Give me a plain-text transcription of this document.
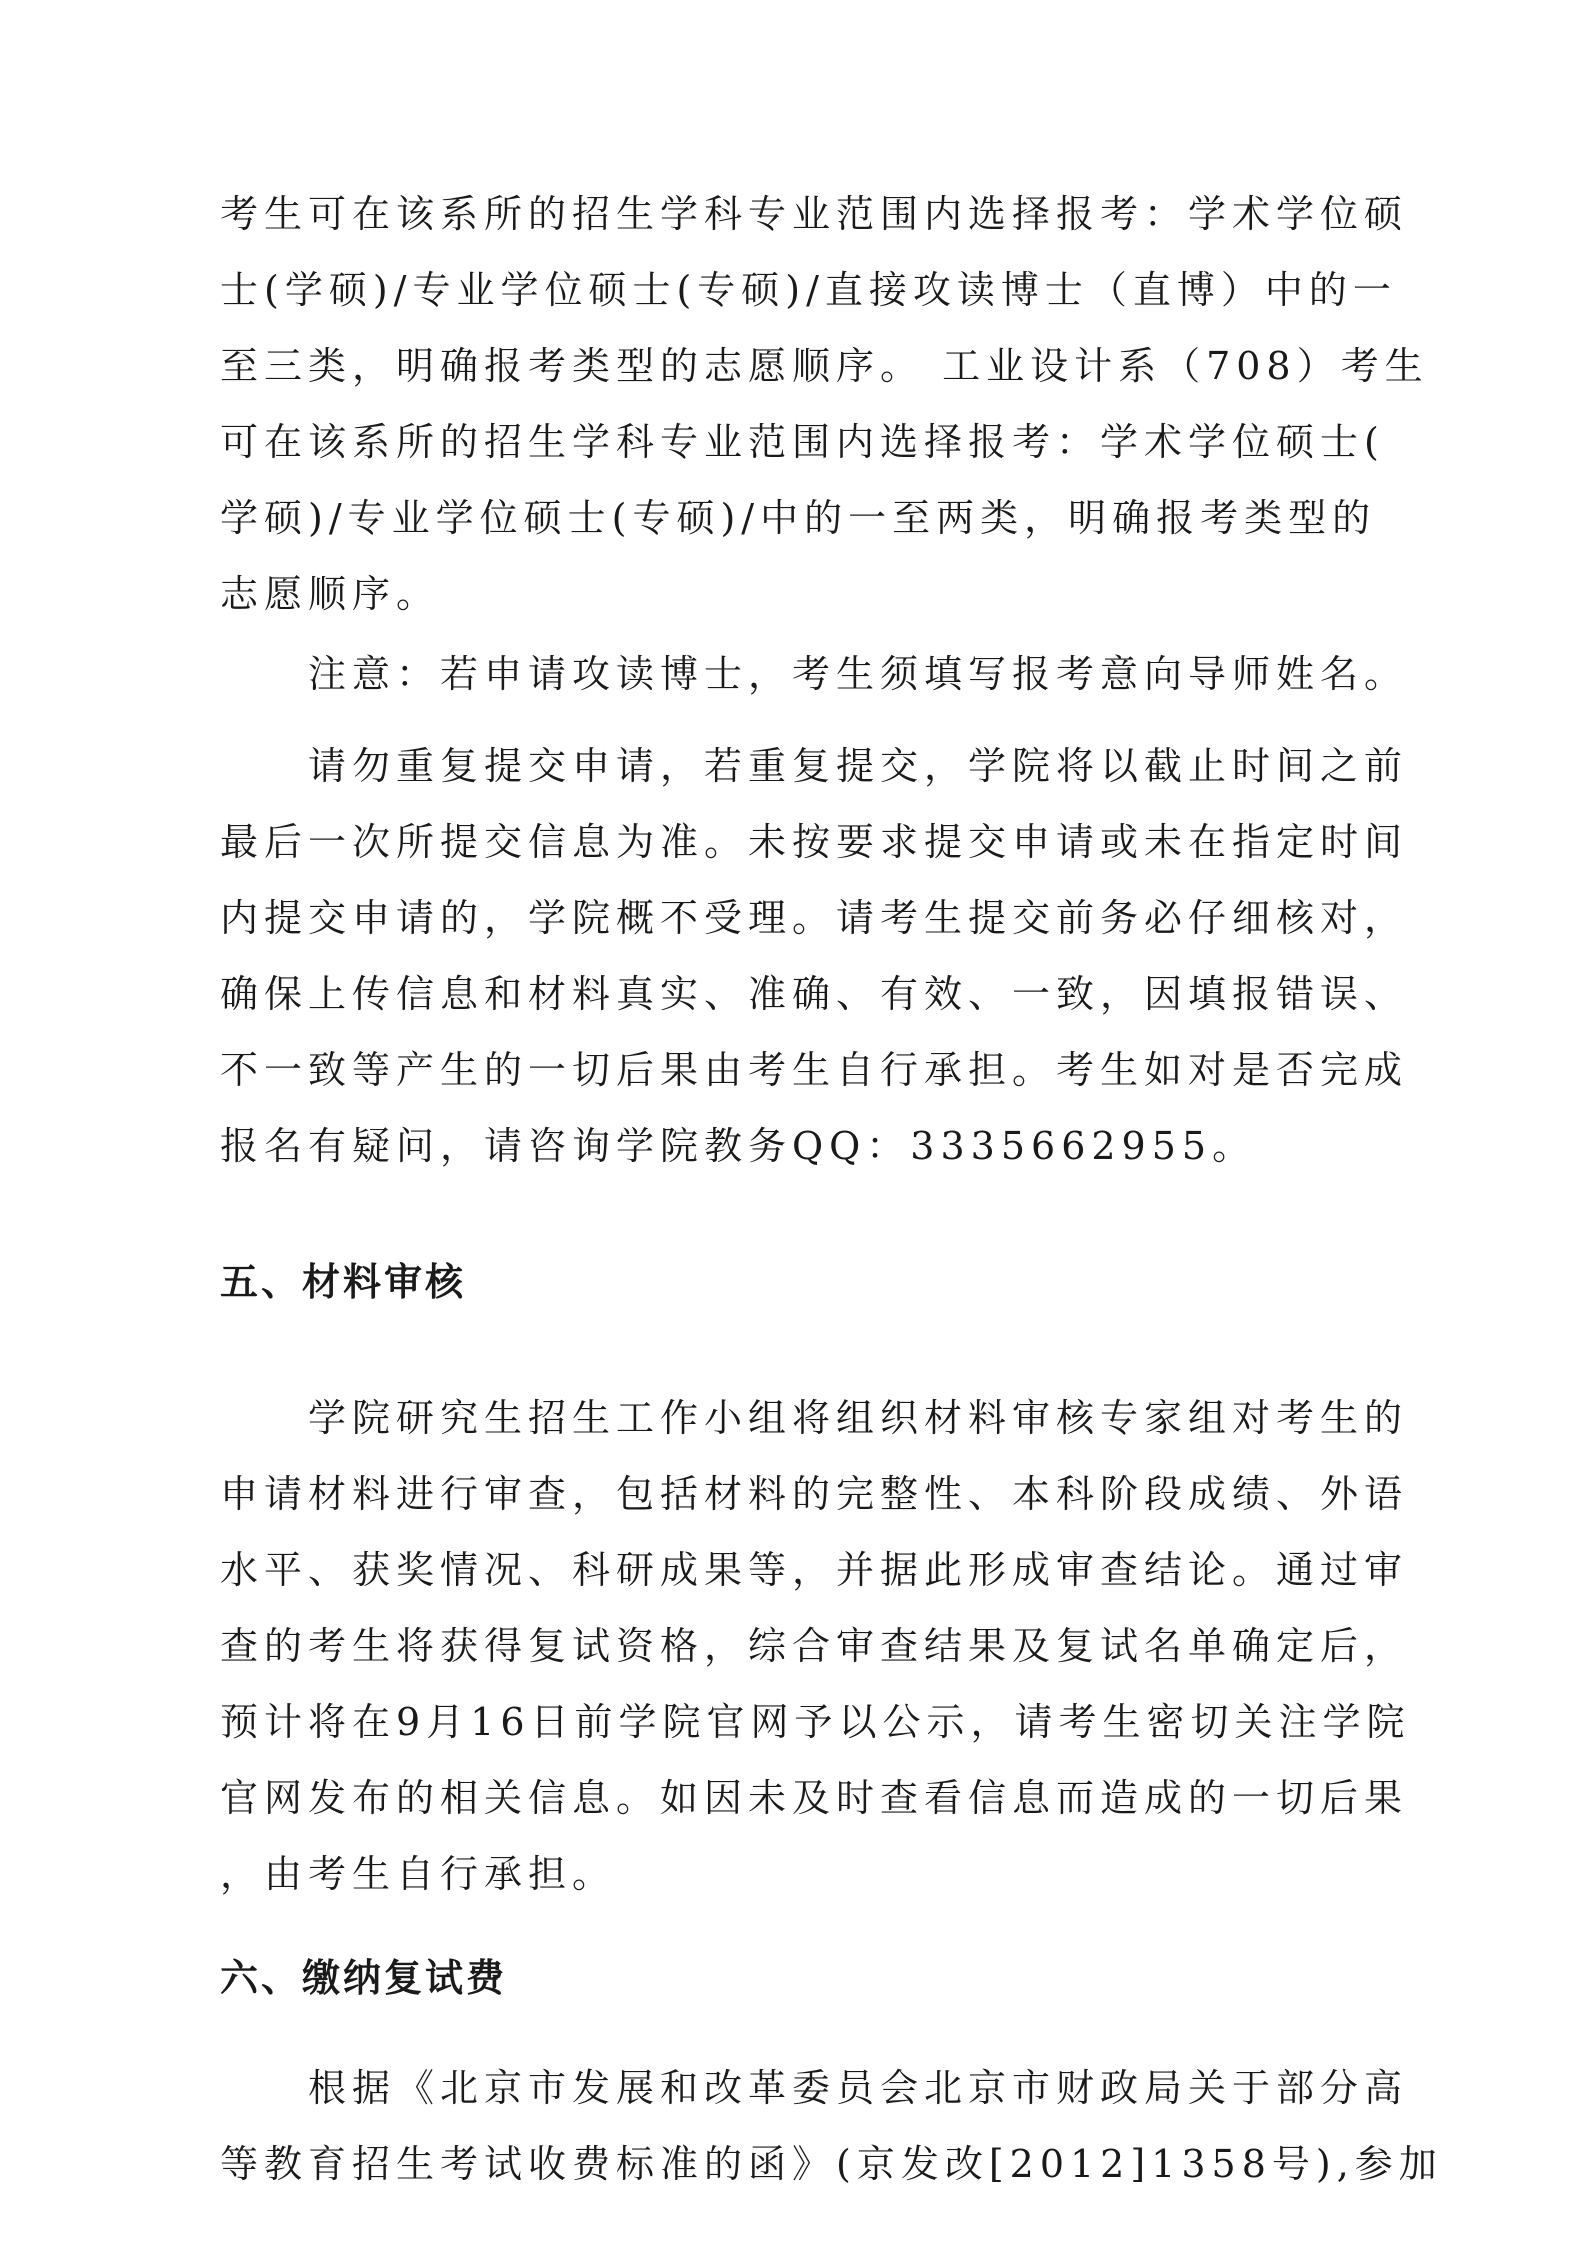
考生可在该系所的招生学科专业范围内选择报考：学术学位硕
士(学硕)/专业学位硕士(专硕)/直接攻读博士（直博）中的一
至三类，明确报考类型的志愿顺序。 工业设计系（708）考生
可在该系所的招生学科专业范围内选择报考：学术学位硕士(
学硕)/专业学位硕士(专硕)/中的一至两类，明确报考类型的
志愿顺序。
注意：若申请攻读博士，考生须填写报考意向导师姓名。
请勿重复提交申请，若重复提交，学院将以截止时间之前
最后一次所提交信息为准。未按要求提交申请或未在指定时间
内提交申请的，学院概不受理。请考生提交前务必仔细核对，
确保上传信息和材料真实、准确、有效、一致，因填报错误、
不一致等产生的一切后果由考生自行承担。考生如对是否完成
报名有疑问，请咨询学院教务QQ：3335662955。
五、材料审核
学院研究生招生工作小组将组织材料审核专家组对考生的
申请材料进行审查，包括材料的完整性、本科阶段成绩、外语
水平、获奖情况、科研成果等，并据此形成审查结论。通过审
查的考生将获得复试资格，综合审查结果及复试名单确定后，
预计将在9月16日前学院官网予以公示，请考生密切关注学院
官网发布的相关信息。如因未及时查看信息而造成的一切后果
，由考生自行承担。
六、缴纳复试费
根据《北京市发展和改革委员会北京市财政局关于部分高
等教育招生考试收费标准的函》(京发改[2012]1358号),参加
